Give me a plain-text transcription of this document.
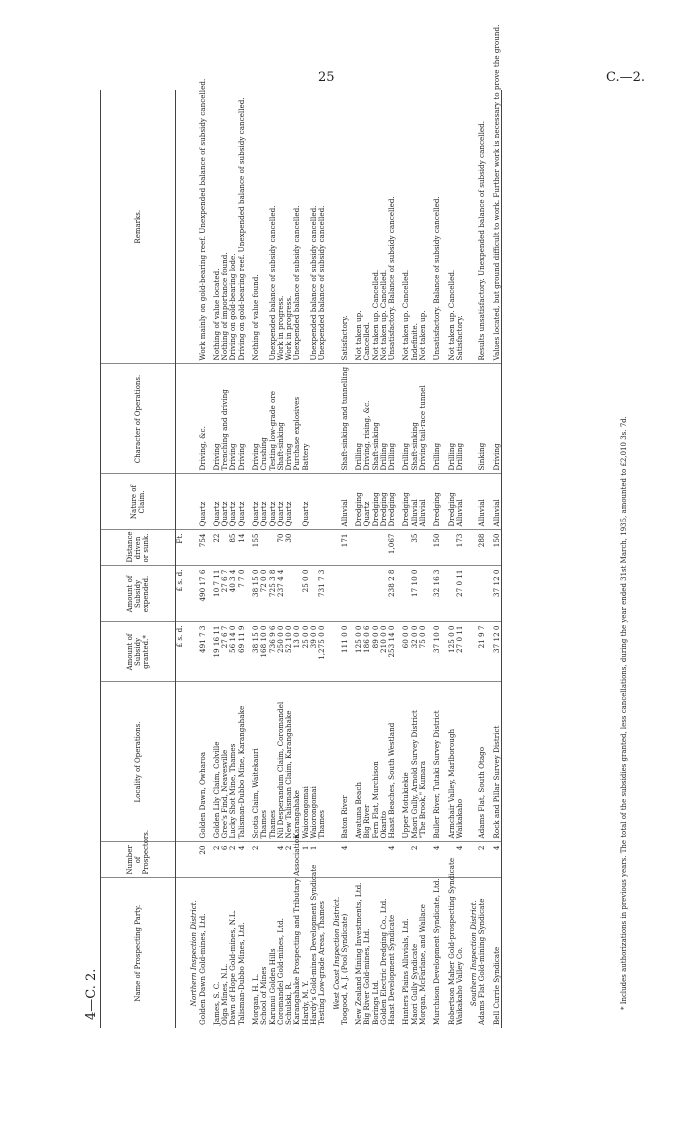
25	C.—2.
Name of Prospecting Party.	Number of Prospectors.	Locality of Operations.	Amount of Subsidy granted.*	Amount of Subsidy expended.	Distance driven or sunk.	Nature of Claim.	Character of Operations.	Remarks.
			£ s. d.	£ s. d.	Ft.			
Northern Inspection District.								
Golden Dawn Gold-mines, Ltd.	20	Golden Dawn, Owharoa	491 7 3	490 17 6	754	Quartz	Driving, &c.	Work mainly on gold-bearing reef. Unexpended balance of subsidy cancelled.

James, S. C.	2	Golden Lily Claim, Colville	19 16 11	10 7 11	22	Quartz	Driving	Nothing of value located.
Olga Mines, N.L.	6	Gree's Find, Neavesville	27 6 7	27 6 7		Quartz	Trenching and driving	Nothing of importance found.
Dawn of Hope Gold-mines, N.L.	2	Lucky Shot Mine, Thames	56 14 0	40 3 4	85	Quartz	Driving	Driving on gold-bearing lode.
Talisman-Dubbo Mines, Ltd.	4	Talisman-Dubbo Mine, Karangahake	69 11 9	7 7 0	14	Quartz	Driving	Driving on gold-bearing reef. Unexpended balance of subsidy cancelled.

Morgan, H. L.	2	Scotia Claim, Waitekauri	38 15 0	38 15 0	155	Quartz	Driving	Nothing of value found.
School of Mines		Thames	168 10 0	72 0 0		Quartz	Crushing	
Karunui Golden Hills		Thames	736 9 6	725 3 8		Quartz	Testing low-grade ore	Unexpended balance of subsidy cancelled.
Coromandel Gold-mines, Ltd.	4	Nil Desperandum Claim, Coromandel	250 0 0	237 4 4	70	Quartz	Shaft-sinking	Work in progress.
Schulski, R.	2	New Talisman Claim, Karangahake	52 10 0		30	Quartz	Driving	Work in progress.
Karangahake Prospecting and Tributary Association		Karangahake	13 0 0				Purchase explosives	Unexpended balance of subsidy cancelled.
Hardy, M. Y.	1	Waiorongomai	25 0 0	25 0 0		Quartz	Battery	
Hardy's Gold-mines Development Syndicate	1	Waiorongomai	39 0 0					Unexpended balance of subsidy cancelled.
Testing Low-grade Areas, Thames		Thames	1,275 0 0	731 7 3				Unexpended balance of subsidy cancelled.
West Coast Inspection District.								
Toogood, A. J. (Pool Syndicate)	4	Baton River	111 0 0		171	Alluvial	Shaft-sinking and tunnelling	Satisfactory.

New Zealand Mining Investments, Ltd.		Awatuna Beach	125 0 0			Dredging	Drilling	Not taken up.
Big River Gold-mines, Ltd.		Big River	186 0 6			Quartz	Driving, rising, &c.	Cancelled.
Borings Ltd.		Fern Flat, Murchison	89 0 0			Dredging	Shaft-sinking	Not taken up. Cancelled.
Golden Electric Dredging Co., Ltd.		Okarito	210 0 0			Dredging	Drilling	Not taken up. Cancelled.
Haast Development Syndicate	4	Haast Beaches, South Westland	253 14 0	238 2 8	1,067	Dredging	Drilling	Unsatisfactory. Balance of subsidy cancelled.

Hunters Plains Alluvials, Ltd.		Upper Motukiekie	60 0 0			Dredging	Drilling	Not taken up. Cancelled.
Maori Gully Syndicate	2	Maori Gully, Arnold Survey District	32 0 0	17 10 0	35	Alluvial	Shaft-sinking	Indefinite.
Morgan, McFarlane, and Wallace		"The Brook," Kumara	75 0 0			Alluvial	Driving tail-race tunnel	Not taken up.

Murchison Development Syndicate, Ltd.	4	Buller River, Tutaki Survey District	37 10 0	32 16 3	150	Dredging	Drilling	Unsatisfactory. Balance of subsidy cancelled.

Robertson Maher Gold-prospecting Syndicate		Armchair Valley, Marlborough	125 0 0			Dredging	Drilling	Not taken up. Cancelled.
Waikakaho Valley Co.	4	Waikakaho	27 0 11	27 0 11	173	Alluvial	Drilling	Satisfactory.
Southern Inspection District.								
Adams Flat Gold-mining Syndicate	2	Adams Flat, South Otago	21 9 7		288	Alluvial	Sinking	Results unsatisfactory. Unexpended balance of subsidy cancelled.

Bell Currie Syndicate	4	Rock and Pillar Survey District	37 12 0	37 12 0	150	Alluvial	Driving	Values located, but ground difficult to work. Further work is necessary to prove the ground.
* Includes authorizations in previous years. The total of the subsidies granted, less cancellations, during the year ended 31st March, 1935, amounted to £2,010 3s. 7d.
4—C. 2.
